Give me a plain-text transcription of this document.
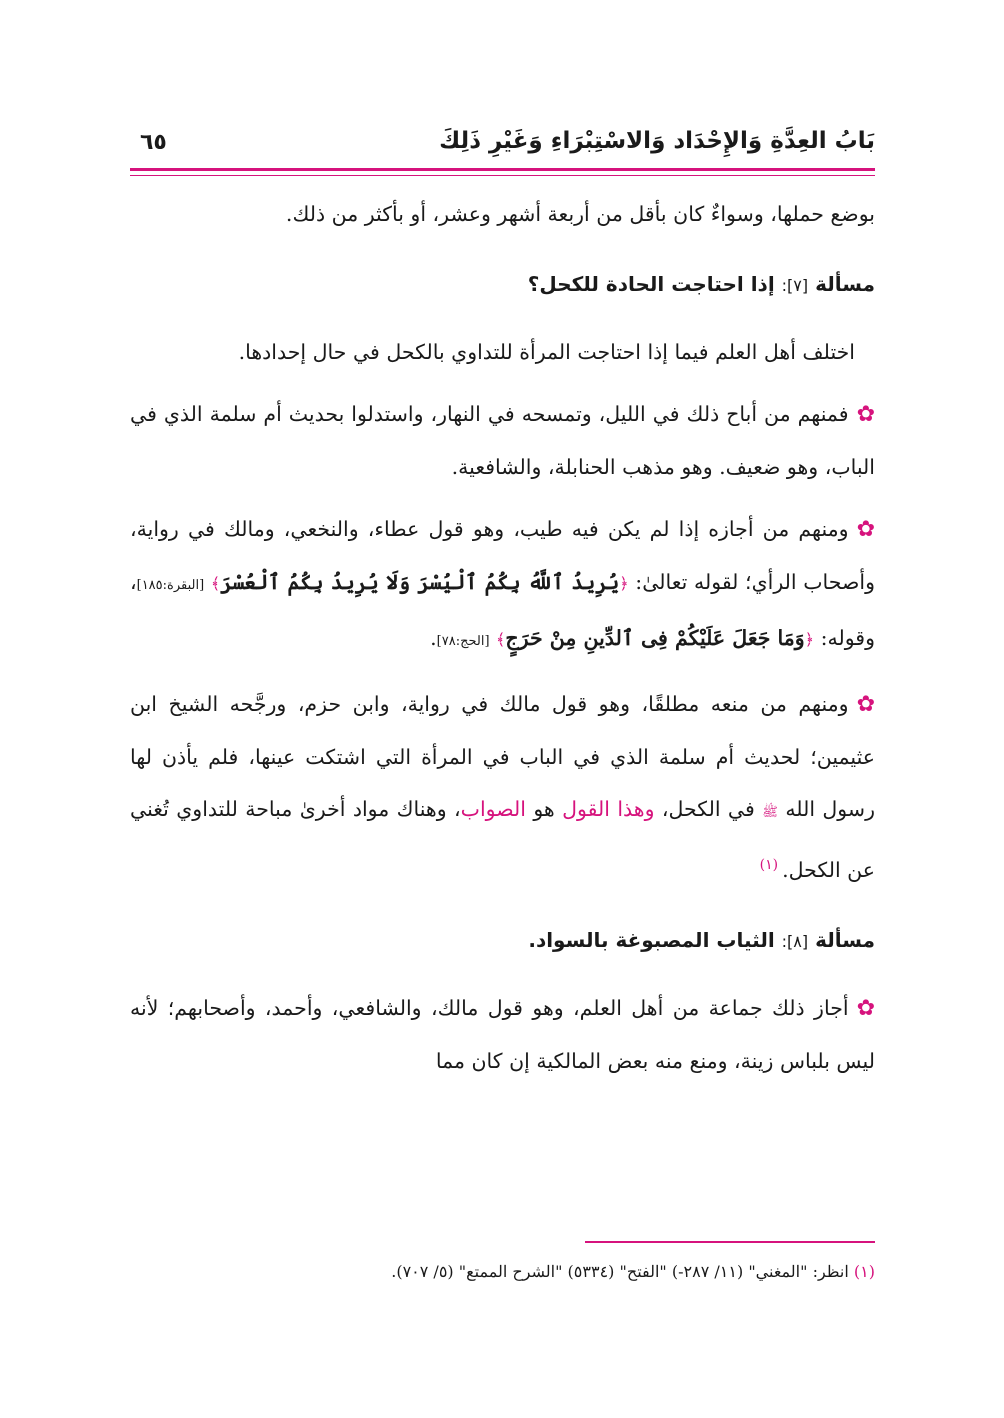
بَابُ العِدَّةِ وَالإِحْدَاد وَالاسْتِبْرَاءِ وَغَيْرِ ذَلِكَ
٦٥

بوضع حملها، وسواءٌ كان بأقل من أربعة أشهر وعشر، أو بأكثر من ذلك.

مسألة [٧]: إذا احتاجت الحادة للكحل؟

اختلف أهل العلم فيما إذا احتاجت المرأة للتداوي بالكحل في حال إحدادها.

✿فمنهم من أباح ذلك في الليل، وتمسحه في النهار، واستدلوا بحديث أم سلمة الذي في الباب، وهو ضعيف. وهو مذهب الحنابلة، والشافعية.

✿ومنهم من أجازه إذا لم يكن فيه طيب، وهو قول عطاء، والنخعي، ومالك في رواية، وأصحاب الرأي؛ لقوله تعالىٰ: ﴿يُرِيدُ ٱللَّهُ بِكُمُ ٱلْيُسْرَ وَلَا يُرِيدُ بِكُمُ ٱلْعُسْرَ﴾ [البقرة:١٨٥]، وقوله: ﴿وَمَا جَعَلَ عَلَيْكُمْ فِى ٱلدِّينِ مِنْ حَرَجٍ﴾ [الحج:٧٨].

✿ومنهم من منعه مطلقًا، وهو قول مالك في رواية، وابن حزم، ورجَّحه الشيخ ابن عثيمين؛ لحديث أم سلمة الذي في الباب في المرأة التي اشتكت عينها، فلم يأذن لها رسول الله ﷺ في الكحل، وهذا القول هو الصواب، وهناك مواد أخرىٰ مباحة للتداوي تُغني عن الكحل.$^{(١)}$

مسألة [٨]: الثياب المصبوغة بالسواد.

✿أجاز ذلك جماعة من أهل العلم، وهو قول مالك، والشافعي، وأحمد، وأصحابهم؛ لأنه ليس بلباس زينة، ومنع منه بعض المالكية إن كان مما

(١) انظر: "المغني" (١١/ ٢٨٧-) "الفتح" (٥٣٣٤) "الشرح الممتع" (٥/ ٧٠٧).
